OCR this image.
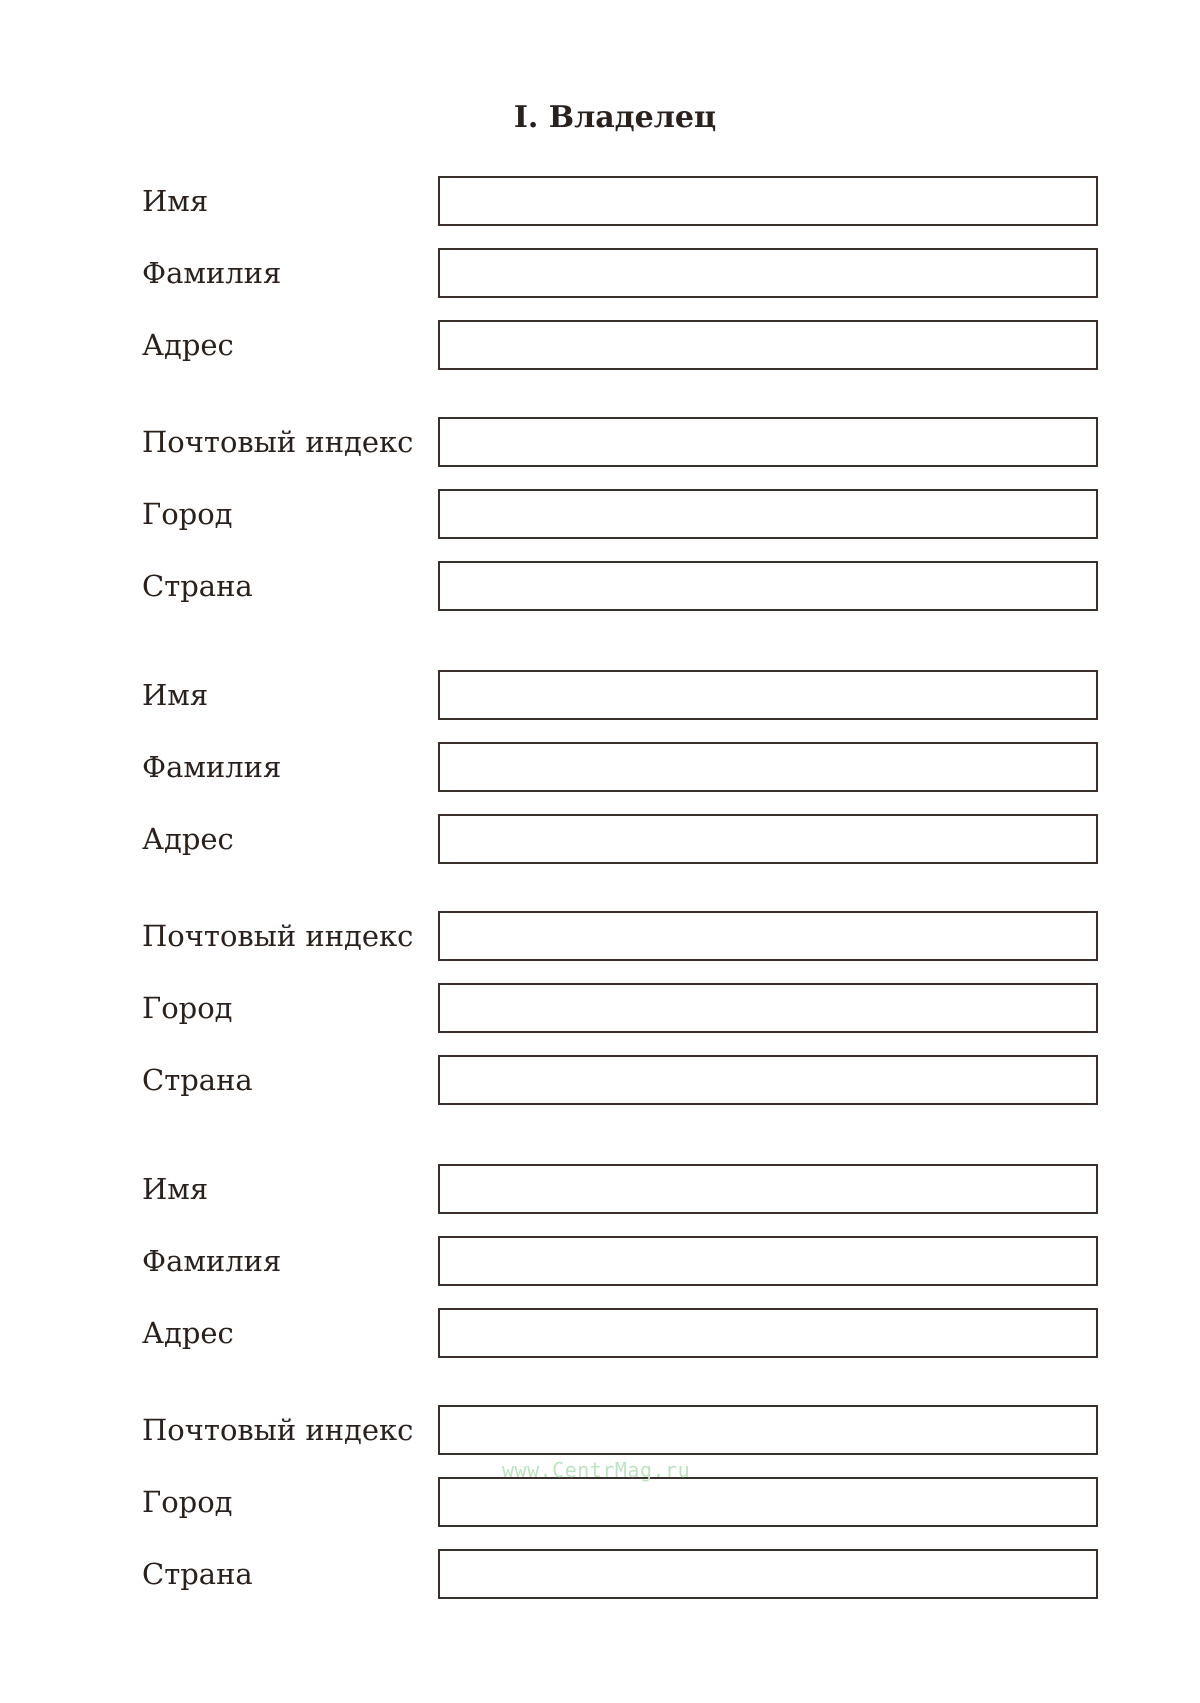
I. Владелец
Имя
Фамилия
Адрес
Почтовый индекс
Город
Страна
Имя
Фамилия
Адрес
Почтовый индекс
Город
Страна
Имя
Фамилия
Адрес
Почтовый индекс
Город
Страна
www.CentrMag.ru
